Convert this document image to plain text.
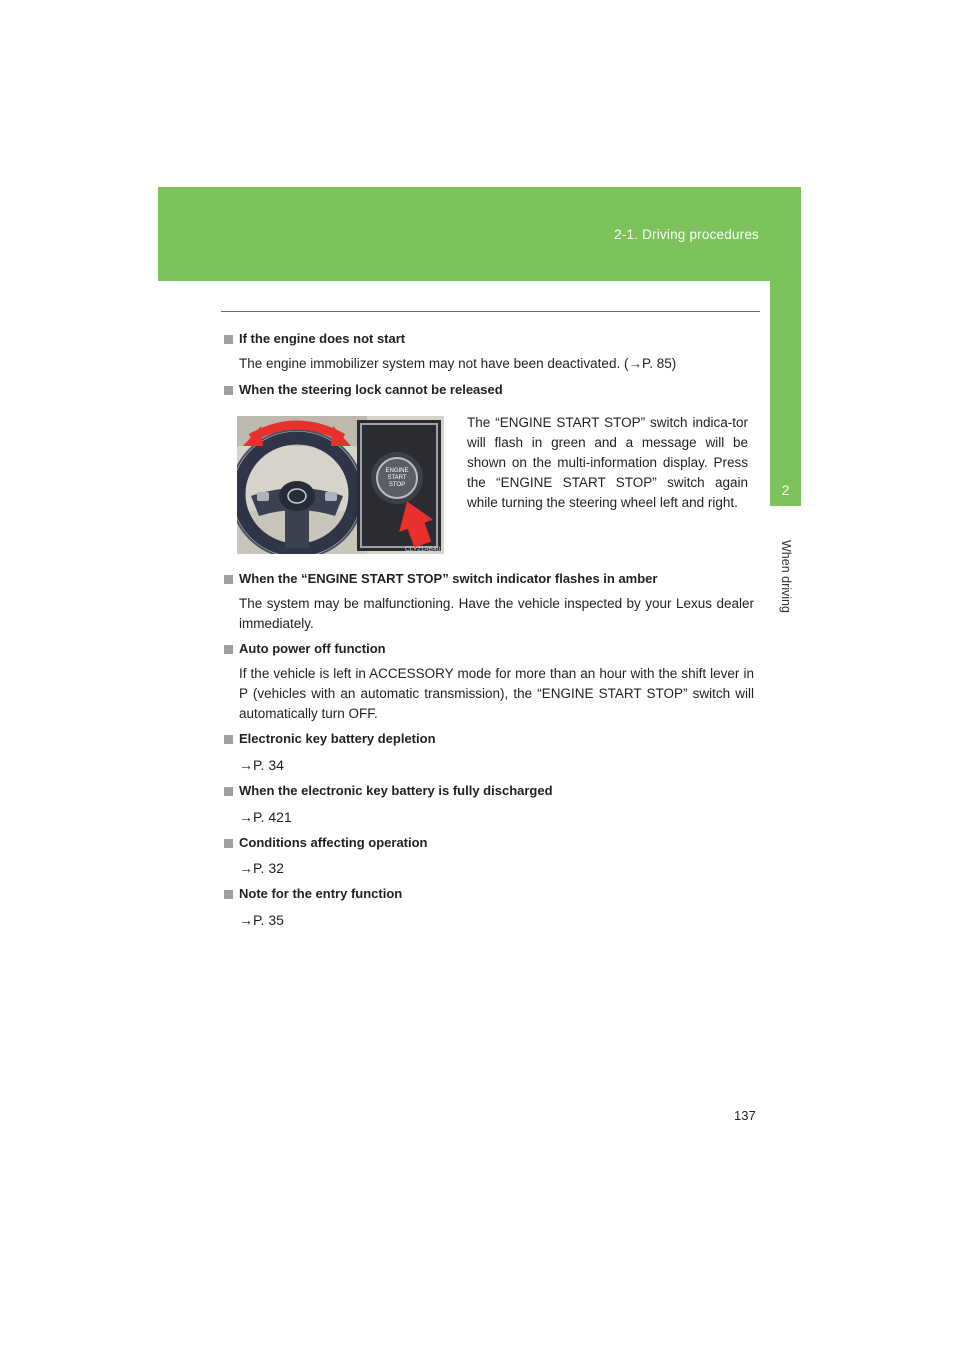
2-1. Driving procedures
2
When driving
If the engine does not start
The engine immobilizer system may not have been deactivated. (→P. 85)
When the steering lock cannot be released
ENGINE
START
STOP
CLY21AB401
The “ENGINE START STOP” switch indica-tor will flash in green and a message will be shown on the multi-information display. Press the “ENGINE START STOP” switch again while turning the steering wheel left and right.
When the “ENGINE START STOP” switch indicator flashes in amber
The system may be malfunctioning. Have the vehicle inspected by your Lexus dealer immediately.
Auto power off function
If the vehicle is left in ACCESSORY mode for more than an hour with the shift lever in P (vehicles with an automatic transmission), the “ENGINE START STOP” switch will automatically turn OFF.
Electronic key battery depletion
→P. 34
When the electronic key battery is fully discharged
→P. 421
Conditions affecting operation
→P. 32
Note for the entry function
→P. 35
137
